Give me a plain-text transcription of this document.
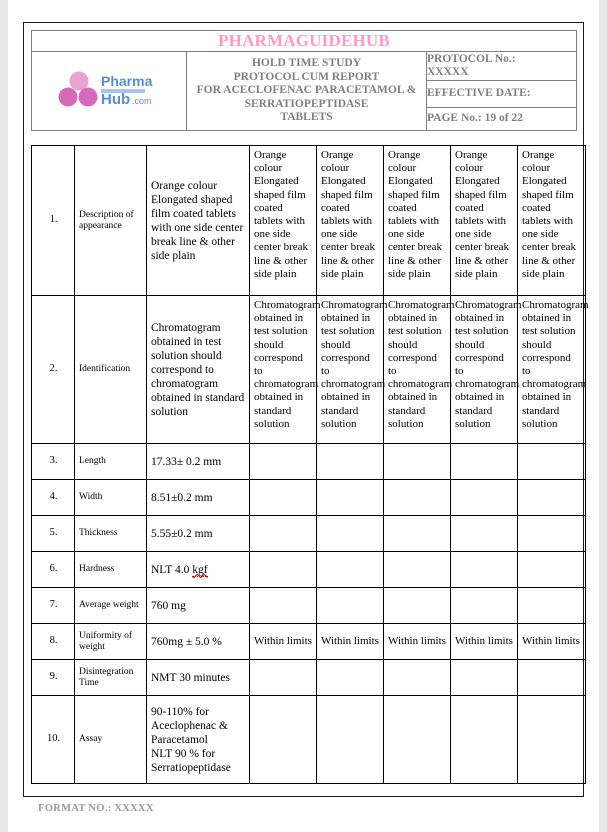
PHARMAGUIDEHUB

Pharma
Hub .com

HOLD TIME STUDY
PROTOCOL CUM REPORT
FOR ACECLOFENAC PARACETAMOL &
SERRATIOPEPTIDASE
TABLETS

PROTOCOL No.:
XXXXX

EFFECTIVE DATE:

PAGE No.: 19 of 22
1.	Description of appearance	Orange colour Elongated shaped film coated tablets with one side center break line & other side plain	Orange colour Elongated shaped film coated tablets with one side center break line & other side plain	Orange colour Elongated shaped film coated tablets with one side center break line & other side plain	Orange colour Elongated shaped film coated tablets with one side center break line & other side plain	Orange colour Elongated shaped film coated tablets with one side center break line & other side plain	Orange colour Elongated shaped film coated tablets with one side center break line & other side plain
2.	Identification	Chromatogram obtained in test solution should correspond to chromatogram obtained in standard solution	Chromatogram obtained in test solution should correspond to chromatogram obtained in standard solution	Chromatogram obtained in test solution should correspond to chromatogram obtained in standard solution	Chromatogram obtained in test solution should correspond to chromatogram obtained in standard solution	Chromatogram obtained in test solution should correspond to chromatogram obtained in standard solution	Chromatogram obtained in test solution should correspond to chromatogram obtained in standard solution
3.	Length	17.33± 0.2 mm					
4.	Width	8.51±0.2 mm					
5.	Thickness	5.55±0.2 mm					
6.	Hardness	NLT 4.0 kgf					
7.	Average weight	760 mg					
8.	Uniformity of weight	760mg ± 5.0 %	Within limits	Within limits	Within limits	Within limits	Within limits
9.	Disintegration Time	NMT 30 minutes					
10.	Assay	90-110% for
Aceclophenac &
Paracetamol
NLT 90 % for
Serratiopeptidase					

FORMAT NO.: XXXXX
